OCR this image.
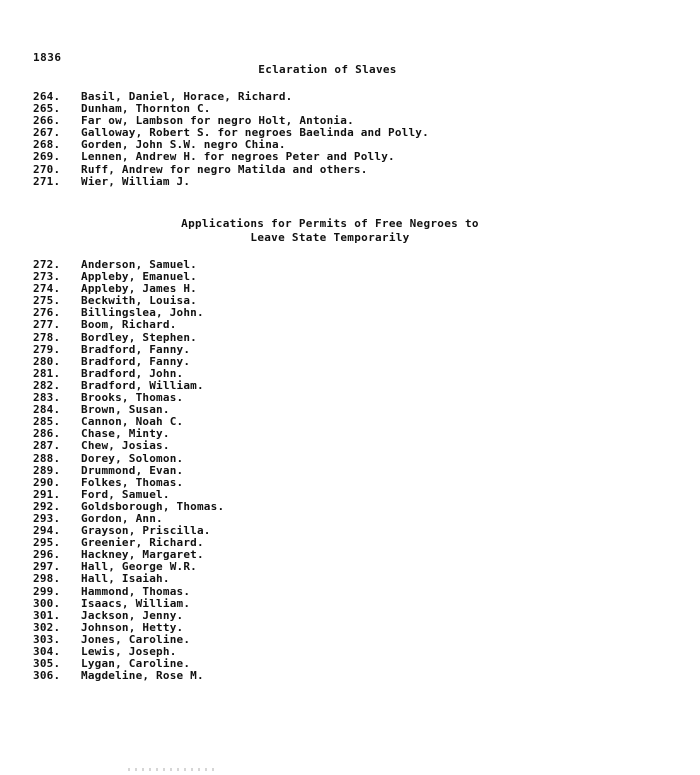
1836
Eclaration of Slaves
264. Basil, Daniel, Horace, Richard.
265. Dunham, Thornton C.
266. Far ow, Lambson for negro Holt, Antonia.
267. Galloway, Robert S. for negroes Baelinda and Polly.
268. Gorden, John S.W. negro China.
269. Lennen, Andrew H. for negroes Peter and Polly.
270. Ruff, Andrew for negro Matilda and others.
271. Wier, William J.
Applications for Permits of Free Negroes to
Leave State Temporarily
272. Anderson, Samuel.
273. Appleby, Emanuel.
274. Appleby, James H.
275. Beckwith, Louisa.
276. Billingslea, John.
277. Boom, Richard.
278. Bordley, Stephen.
279. Bradford, Fanny.
280. Bradford, Fanny.
281. Bradford, John.
282. Bradford, William.
283. Brooks, Thomas.
284. Brown, Susan.
285. Cannon, Noah C.
286. Chase, Minty.
287. Chew, Josias.
288. Dorey, Solomon.
289. Drummond, Evan.
290. Folkes, Thomas.
291. Ford, Samuel.
292. Goldsborough, Thomas.
293. Gordon, Ann.
294. Grayson, Priscilla.
295. Greenier, Richard.
296. Hackney, Margaret.
297. Hall, George W.R.
298. Hall, Isaiah.
299. Hammond, Thomas.
300. Isaacs, William.
301. Jackson, Jenny.
302. Johnson, Hetty.
303. Jones, Caroline.
304. Lewis, Joseph.
305. Lygan, Caroline.
306. Magdeline, Rose M.
